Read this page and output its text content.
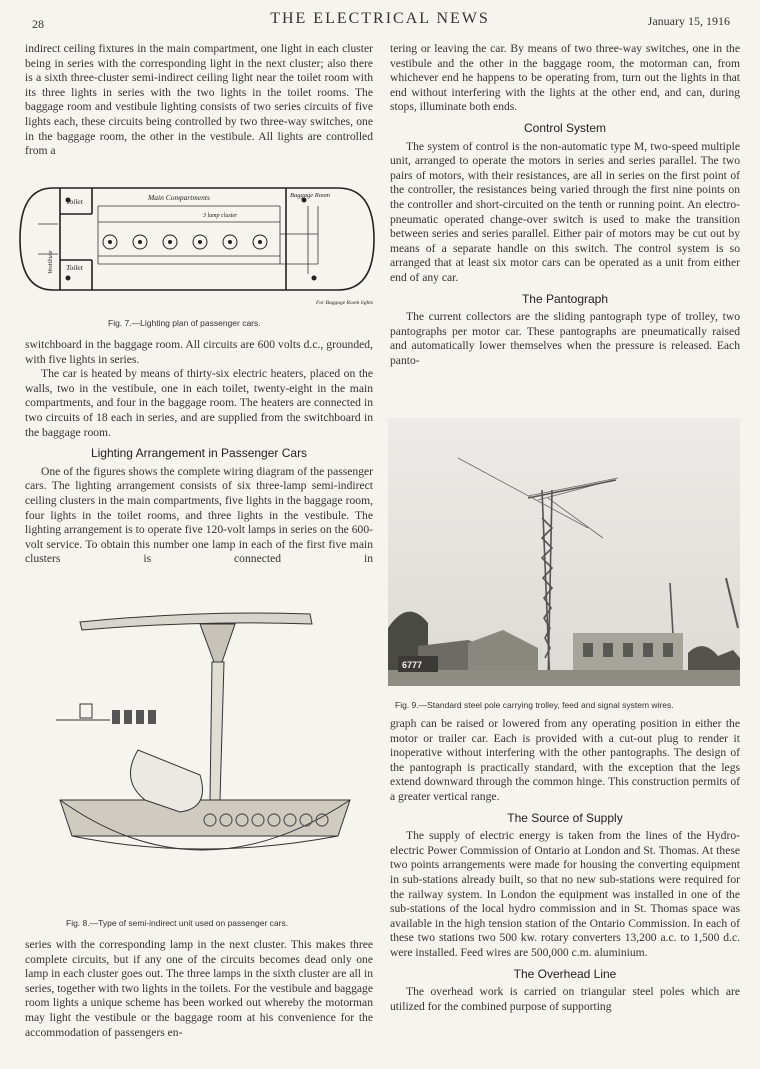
28	THE ELECTRICAL NEWS	January 15, 1916

indirect ceiling fixtures in the main compartment, one light in each cluster being in series with the corresponding light in the next cluster; also there is a sixth three-cluster semi-indirect ceiling light near the toilet room with its three lights in series with the two lights in the toilet rooms. The baggage room and vestibule lighting consists of two series circuits of five lights each, these circuits being controlled by two three-way switches, one in the baggage room, the other in the vestibule. All lights are controlled from a

Main Compartments	Baggage Room
Toilet
Toilet
3 lamp cluster
Vestibule
For Baggage Room lights
Fig. 7.—Lighting plan of passenger cars.

switchboard in the baggage room. All circuits are 600 volts d.c., grounded, with five lights in series.

The car is heated by means of thirty-six electric heaters, placed on the walls, two in the vestibule, one in each toilet, twenty-eight in the main compartments, and four in the baggage room. The heaters are connected in two circuits of 18 each in series, and are supplied from the switchboard in the baggage room.

Lighting Arrangement in Passenger Cars

One of the figures shows the complete wiring diagram of the passenger cars. The lighting arrangement consists of six three-lamp semi-indirect ceiling clusters in the main compartments, five lights in the baggage room, four lights in the toilet rooms, and three lights in the vestibule. The lighting arrangement is to operate five 120-volt lamps in series on the 600-volt service. To obtain this number one lamp in each of the first five main clusters is connected in

Fig. 8.—Type of semi-indirect unit used on passenger cars.

series with the corresponding lamp in the next cluster. This makes three complete circuits, but if any one of the circuits becomes dead only one lamp in each cluster goes out. The three lamps in the sixth cluster are all in series, together with two lights in the toilets. For the vestibule and baggage room lights a unique scheme has been worked out whereby the motorman may light the vestibule or the baggage room at his convenience for the accommodation of passengers en-

tering or leaving the car. By means of two three-way switches, one in the vestibule and the other in the baggage room, the motorman can, from whichever end he happens to be operating from, turn out the lights in that end without interfering with the lights at the other end, and can, during stops, illuminate both ends.

Control System

The system of control is the non-automatic type M, two-speed multiple unit, arranged to operate the motors in series and series parallel. The two pairs of motors, with their resistances, are all in series on the first point of the controller, the resistances being varied through the first nine points on the controller and short-circuited on the tenth or running point. An electro-pneumatic operated change-over switch is used to make the transition between series and series parallel. Either pair of motors may be cut out by means of a separate handle on this switch. The control system is so arranged that at least six motor cars can be operated as a unit from either end of any car.

The Pantograph

The current collectors are the sliding pantograph type of trolley, two pantographs per motor car. These pantographs are pneumatically raised and automatically lower themselves when the pressure is released. Each panto-

6777
Fig. 9.—Standard steel pole carrying trolley, feed and signal system wires.

graph can be raised or lowered from any operating position in either the motor or trailer car. Each is provided with a cut-out plug to render it inoperative without interfering with the other pantographs. The design of the pantograph is practically standard, with the exception that the legs extend downward through the common hinge. This construction permits of a greater vertical range.

The Source of Supply

The supply of electric energy is taken from the lines of the Hydro-electric Power Commission of Ontario at London and St. Thomas. At these two points arrangements were made for housing the converting equipment in sub-stations already built, so that no new sub-stations were required for the railway system. In London the equipment was installed in one of the sub-stations of the local hydro commission and in St. Thomas space was available in the high tension station of the Ontario Commission. In each of these two stations two 500 kw. rotary converters 13,200 a.c. to 1,500 d.c. were installed. Feed wires are 500,000 c.m. aluminium.

The Overhead Line

The overhead work is carried on triangular steel poles which are utilized for the combined purpose of supporting
